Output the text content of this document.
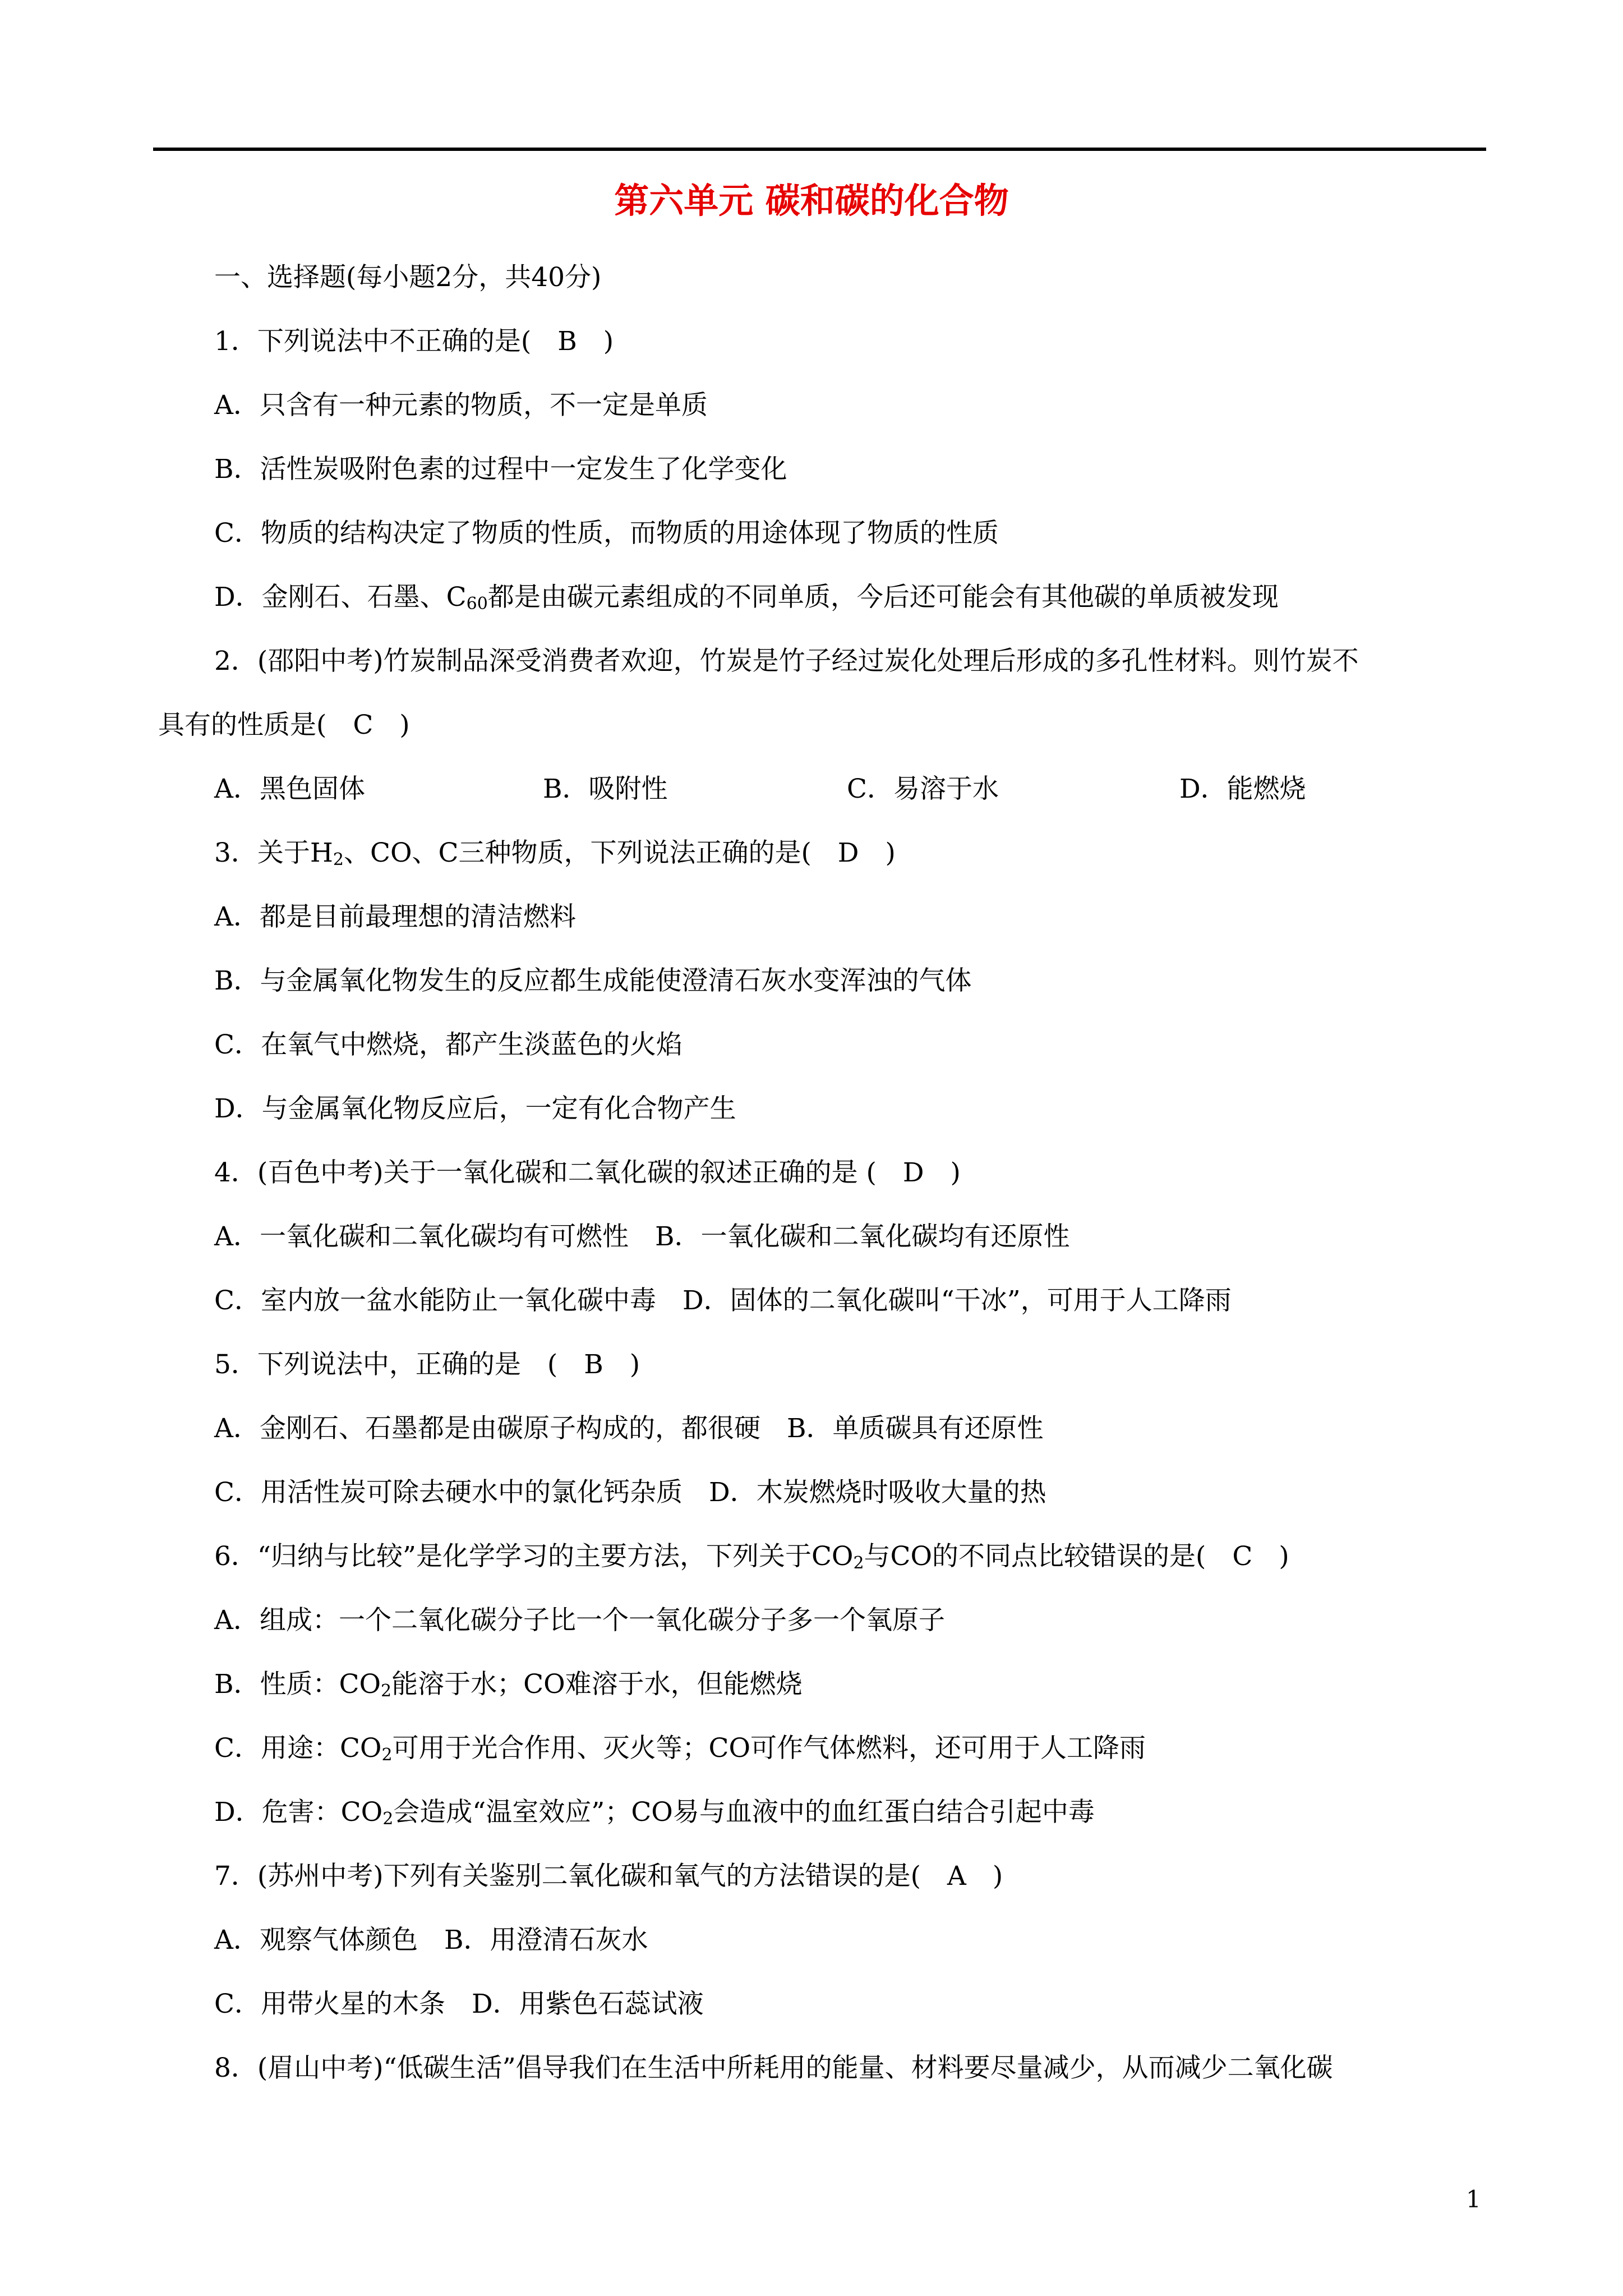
第六单元 碳和碳的化合物
一、选择题(每小题2分，共40分)
1．下列说法中不正确的是(　B　)
A．只含有一种元素的物质，不一定是单质
B．活性炭吸附色素的过程中一定发生了化学变化
C．物质的结构决定了物质的性质，而物质的用途体现了物质的性质
D．金刚石、石墨、$C_{60}$都是由碳元素组成的不同单质，今后还可能会有其他碳的单质被发现
2．(邵阳中考)竹炭制品深受消费者欢迎，竹炭是竹子经过炭化处理后形成的多孔性材料。则竹炭不
具有的性质是(　C　)
A．黑色固体	B．吸附性	C．易溶于水	D．能燃烧
3．关于$H_2$、CO、C三种物质，下列说法正确的是(　D　)
A．都是目前最理想的清洁燃料
B．与金属氧化物发生的反应都生成能使澄清石灰水变浑浊的气体
C．在氧气中燃烧，都产生淡蓝色的火焰
D．与金属氧化物反应后，一定有化合物产生
4．(百色中考)关于一氧化碳和二氧化碳的叙述正确的是 (　D　)
A．一氧化碳和二氧化碳均有可燃性　B．一氧化碳和二氧化碳均有还原性
C．室内放一盆水能防止一氧化碳中毒　D．固体的二氧化碳叫“干冰”，可用于人工降雨
5．下列说法中，正确的是　(　B　)
A．金刚石、石墨都是由碳原子构成的，都很硬　B．单质碳具有还原性
C．用活性炭可除去硬水中的氯化钙杂质　D．木炭燃烧时吸收大量的热
6．“归纳与比较”是化学学习的主要方法，下列关于$CO_2$与CO的不同点比较错误的是(　C　)
A．组成：一个二氧化碳分子比一个一氧化碳分子多一个氧原子
B．性质：$CO_2$能溶于水；CO难溶于水，但能燃烧
C．用途：$CO_2$可用于光合作用、灭火等；CO可作气体燃料，还可用于人工降雨
D．危害：$CO_2$会造成“温室效应”；CO易与血液中的血红蛋白结合引起中毒
7．(苏州中考)下列有关鉴别二氧化碳和氧气的方法错误的是(　A　)
A．观察气体颜色　B．用澄清石灰水
C．用带火星的木条　D．用紫色石蕊试液
8．(眉山中考)“低碳生活”倡导我们在生活中所耗用的能量、材料要尽量减少，从而减少二氧化碳
1
